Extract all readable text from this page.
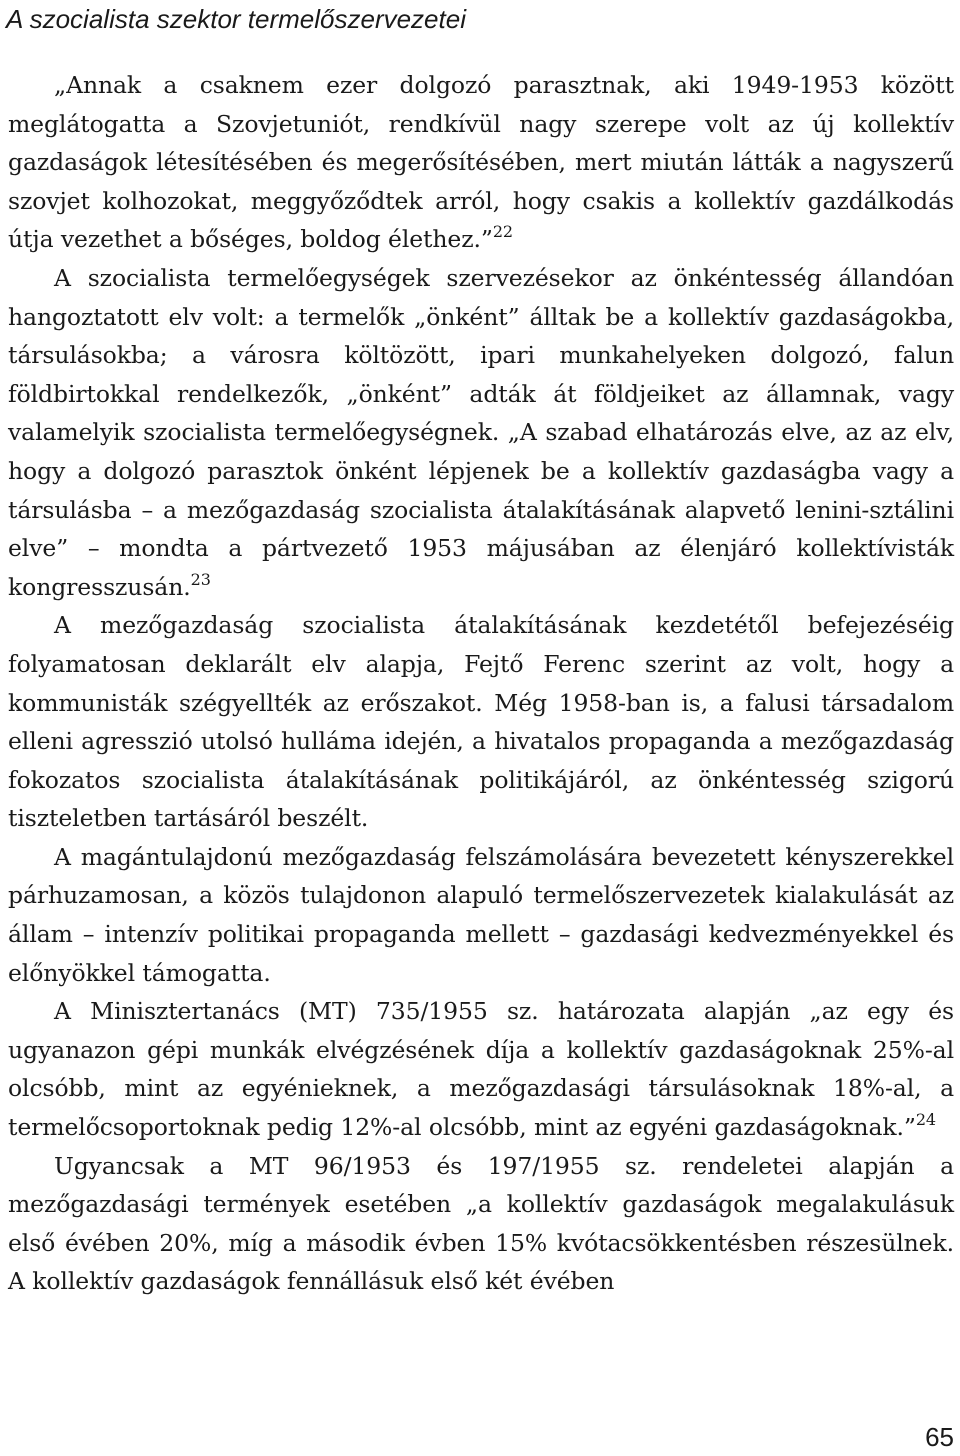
A szocialista szektor termelőszervezetei

„Annak a csaknem ezer dolgozó parasztnak, aki 1949-1953 között meglátogatta a Szovjetuniót, rendkívül nagy szerepe volt az új kollektív gazdaságok létesítésében és megerősítésében, mert miután látták a nagyszerű szovjet kolhozokat, meggyőződtek arról, hogy csakis a kollektív gazdálkodás útja vezethet a bőséges, boldog élethez.”$^{22}$

A szocialista termelőegységek szervezésekor az önkéntesség állandóan hangoztatott elv volt: a termelők „önként” álltak be a kollektív gazdaságokba, társulásokba; a városra költözött, ipari munkahelyeken dolgozó, falun földbirtokkal rendelkezők, „önként” adták át földjeiket az államnak, vagy valamelyik szocialista termelőegységnek. „A szabad elhatározás elve, az az elv, hogy a dolgozó parasztok önként lépjenek be a kollektív gazdaságba vagy a társulásba – a mezőgazdaság szocialista átalakításának alapvető lenini-sztálini elve” – mondta a pártvezető 1953 májusában az élenjáró kollektívisták kongresszusán.$^{23}$

A mezőgazdaság szocialista átalakításának kezdetétől befejezéséig folyamatosan deklarált elv alapja, Fejtő Ferenc szerint az volt, hogy a kommunisták szégyellték az erőszakot. Még 1958-ban is, a falusi társadalom elleni agresszió utolsó hulláma idején, a hivatalos propaganda a mezőgazdaság fokozatos szocialista átalakításának politikájáról, az önkéntesség szigorú tiszteletben tartásáról beszélt.

A magántulajdonú mezőgazdaság felszámolására bevezetett kényszerekkel párhuzamosan, a közös tulajdonon alapuló termelőszervezetek kialakulását az állam – intenzív politikai propaganda mellett – gazdasági kedvezményekkel és előnyökkel támogatta.

A Minisztertanács (MT) 735/1955 sz. határozata alapján „az egy és ugyanazon gépi munkák elvégzésének díja a kollektív gazdaságoknak 25%-al olcsóbb, mint az egyénieknek, a mezőgazdasági társulásoknak 18%-al, a termelőcsoportoknak pedig 12%-al olcsóbb, mint az egyéni gazdaságoknak.”$^{24}$

Ugyancsak a MT 96/1953 és 197/1955 sz. rendeletei alapján a mezőgazdasági termények esetében „a kollektív gazdaságok megalakulásuk első évében 20%, míg a második évben 15% kvótacsökkentésben részesülnek. A kollektív gazdaságok fennállásuk első két évében

65
